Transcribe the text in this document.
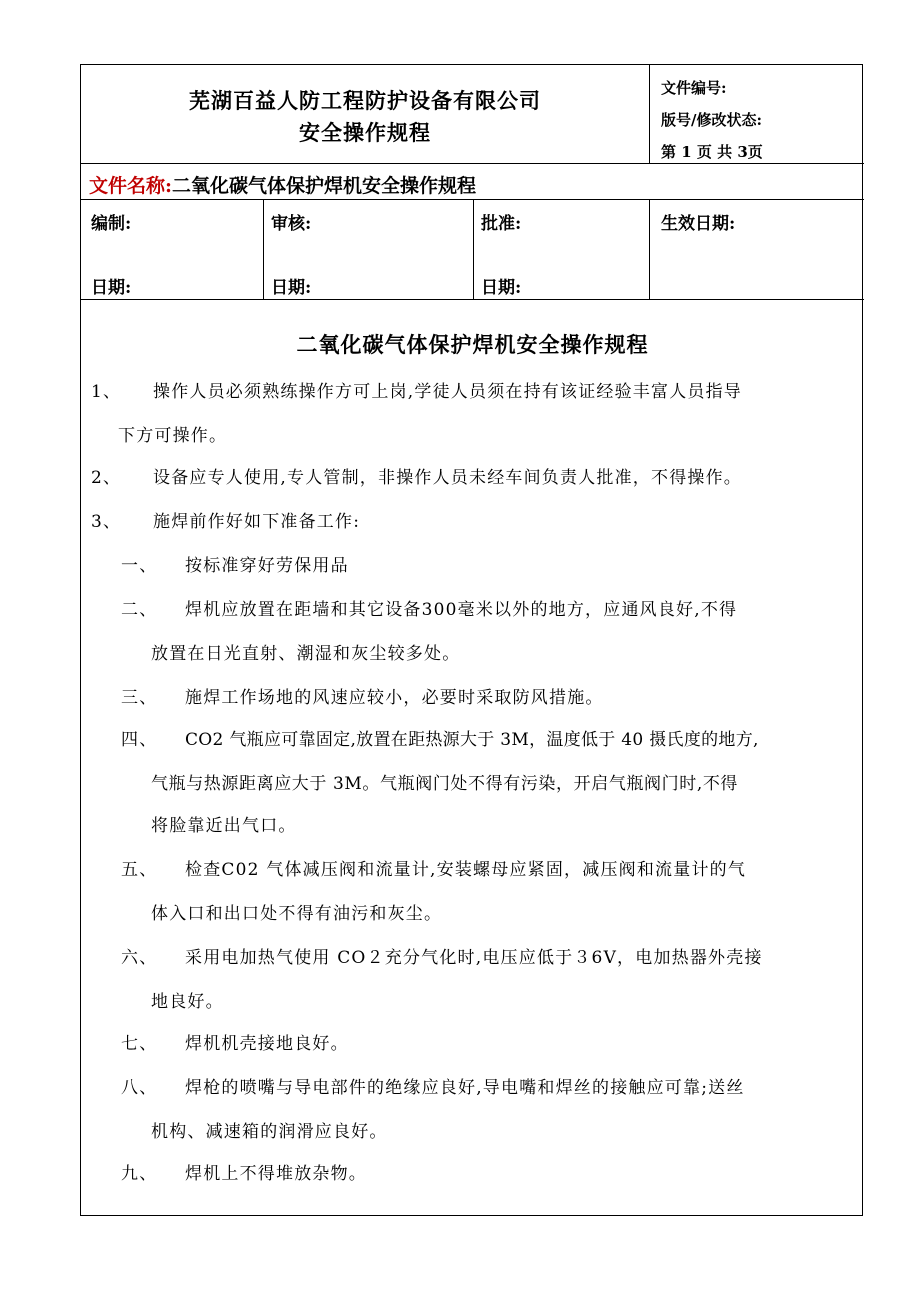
芜湖百益人防工程防护设备有限公司
安全操作规程
文件编号:
版号/修改状态:
第 1 页 共 3页
文件名称:二氧化碳气体保护焊机安全操作规程
编制:	审核:	批准:	生效日期:
日期:	日期:	日期:
二氧化碳气体保护焊机安全操作规程
1、 操作人员必须熟练操作方可上岗,学徒人员须在持有该证经验丰富人员指导
下方可操作。
2、 设备应专人使用,专人管制，非操作人员未经车间负责人批准，不得操作。
3、 施焊前作好如下准备工作:
一、 按标准穿好劳保用品
二、 焊机应放置在距墙和其它设备300毫米以外的地方，应通风良好,不得
放置在日光直射、潮湿和灰尘较多处。
三、 施焊工作场地的风速应较小，必要时采取防风措施。
四、 CO2 气瓶应可靠固定,放置在距热源大于 3M，温度低于 40 摄氏度的地方,
气瓶与热源距离应大于 3M。气瓶阀门处不得有污染，开启气瓶阀门时,不得
将脸靠近出气口。
五、 检查C02 气体减压阀和流量计,安装螺母应紧固，减压阀和流量计的气
体入口和出口处不得有油污和灰尘。
六、 采用电加热气使用 CO２充分气化时,电压应低于３6V，电加热器外壳接
地良好。
七、 焊机机壳接地良好。
八、 焊枪的喷嘴与导电部件的绝缘应良好,导电嘴和焊丝的接触应可靠;送丝
机构、减速箱的润滑应良好。
九、 焊机上不得堆放杂物。
